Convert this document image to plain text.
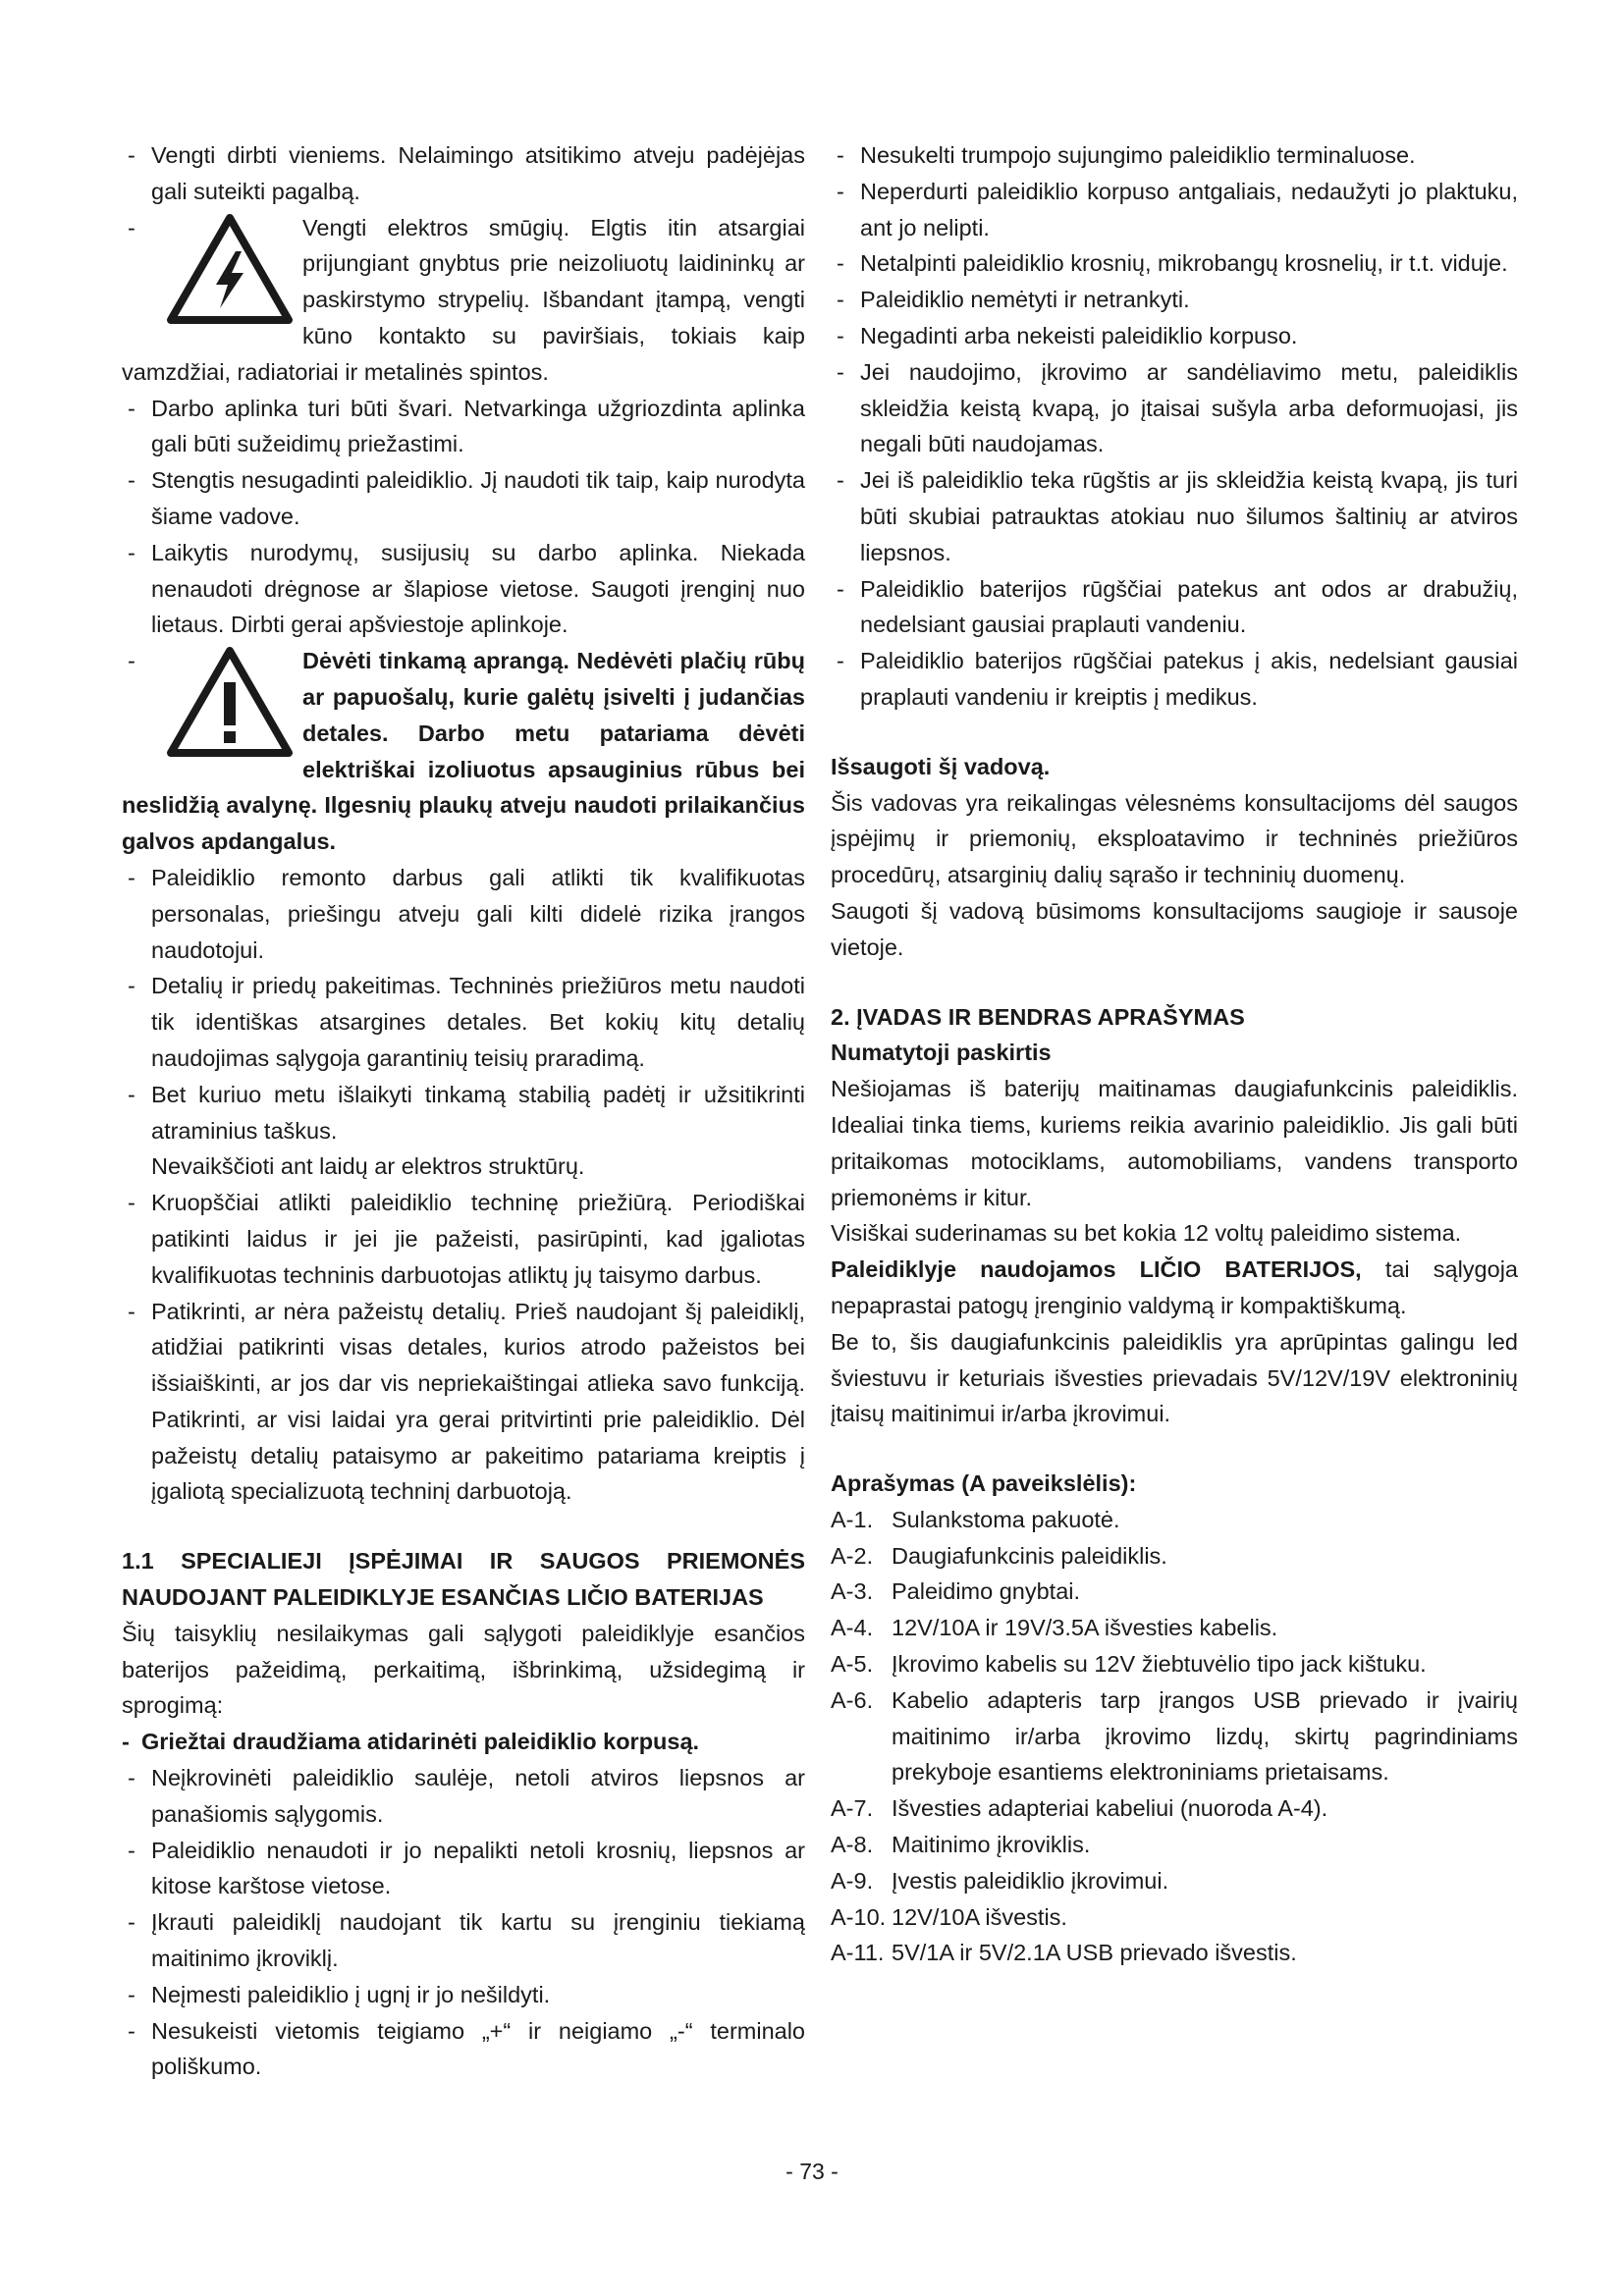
- Vengti dirbti vieniems. Nelaimingo atsitikimo atveju padėjėjas gali suteikti pagalbą.

-	Vengti elektros smūgių. Elgtis itin atsargiai prijungiant gnybtus prie neizoliuotų laidininkų ar paskirstymo strypelių. Išbandant įtampą, vengti kūno kontakto su paviršiais, tokiais kaip vamzdžiai, radiatoriai ir metalinės spintos.

- Darbo aplinka turi būti švari. Netvarkinga užgriozdinta aplinka gali būti sužeidimų priežastimi.

- Stengtis nesugadinti paleidiklio. Jį naudoti tik taip, kaip nurodyta šiame vadove.

- Laikytis nurodymų, susijusių su darbo aplinka. Niekada nenaudoti drėgnose ar šlapiose vietose. Saugoti įrenginį nuo lietaus. Dirbti gerai apšviestoje aplinkoje.

-	Dėvėti tinkamą aprangą. Nedėvėti plačių rūbų ar papuošalų, kurie galėtų įsivelti į judančias detales. Darbo metu patariama dėvėti elektriškai izoliuotus apsauginius rūbus bei neslidžią avalynę. Ilgesnių plaukų atveju naudoti prilaikančius galvos apdangalus.

- Paleidiklio remonto darbus gali atlikti tik kvalifikuotas personalas, priešingu atveju gali kilti didelė rizika įrangos naudotojui.

- Detalių ir priedų pakeitimas. Techninės priežiūros metu naudoti tik identiškas atsargines detales. Bet kokių kitų detalių naudojimas sąlygoja garantinių teisių praradimą.

- Bet kuriuo metu išlaikyti tinkamą stabilią padėtį ir užsitikrinti atraminius taškus.

Nevaikščioti ant laidų ar elektros struktūrų.

- Kruopščiai atlikti paleidiklio techninę priežiūrą. Periodiškai patikinti laidus ir jei jie pažeisti, pasirūpinti, kad įgaliotas kvalifikuotas techninis darbuotojas atliktų jų taisymo darbus.

- Patikrinti, ar nėra pažeistų detalių. Prieš naudojant šį paleidiklį, atidžiai patikrinti visas detales, kurios atrodo pažeistos bei išsiaiškinti, ar jos dar vis nepriekaištingai atlieka savo funkciją. Patikrinti, ar visi laidai yra gerai pritvirtinti prie paleidiklio. Dėl pažeistų detalių pataisymo ar pakeitimo patariama kreiptis į įgaliotą specializuotą techninį darbuotoją.

1.1 SPECIALIEJI ĮSPĖJIMAI IR SAUGOS PRIEMONĖS NAUDOJANT PALEIDIKLYJE ESANČIAS LIČIO BATERIJAS

Šių taisyklių nesilaikymas gali sąlygoti paleidiklyje esančios baterijos pažeidimą, perkaitimą, išbrinkimą, užsidegimą ir sprogimą:

- Griežtai draudžiama atidarinėti paleidiklio korpusą.

- Neįkrovinėti paleidiklio saulėje, netoli atviros liepsnos ar panašiomis sąlygomis.

- Paleidiklio nenaudoti ir jo nepalikti netoli krosnių, liepsnos ar kitose karštose vietose.

- Įkrauti paleidiklį naudojant tik kartu su įrenginiu tiekiamą maitinimo įkroviklį.

- Neįmesti paleidiklio į ugnį ir jo nešildyti.

- Nesukeisti vietomis teigiamo „+“ ir neigiamo „-“ terminalo poliškumo.

- Nesukelti trumpojo sujungimo paleidiklio terminaluose.

- Neperdurti paleidiklio korpuso antgaliais, nedaužyti jo plaktuku, ant jo nelipti.

- Netalpinti paleidiklio krosnių, mikrobangų krosnelių, ir t.t. viduje.

- Paleidiklio nemėtyti ir netrankyti.

- Negadinti arba nekeisti paleidiklio korpuso.

- Jei naudojimo, įkrovimo ar sandėliavimo metu, paleidiklis skleidžia keistą kvapą, jo įtaisai sušyla arba deformuojasi, jis negali būti naudojamas.

- Jei iš paleidiklio teka rūgštis ar jis skleidžia keistą kvapą, jis turi būti skubiai patrauktas atokiau nuo šilumos šaltinių ar atviros liepsnos.

- Paleidiklio baterijos rūgščiai patekus ant odos ar drabužių, nedelsiant gausiai praplauti vandeniu.

- Paleidiklio baterijos rūgščiai patekus į akis, nedelsiant gausiai praplauti vandeniu ir kreiptis į medikus.

Išsaugoti šį vadovą.

Šis vadovas yra reikalingas vėlesnėms konsultacijoms dėl saugos įspėjimų ir priemonių, eksploatavimo ir techninės priežiūros procedūrų, atsarginių dalių sąrašo ir techninių duomenų.

Saugoti šį vadovą būsimoms konsultacijoms saugioje ir sausoje vietoje.

2. ĮVADAS IR BENDRAS APRAŠYMAS

Numatytoji paskirtis

Nešiojamas iš baterijų maitinamas daugiafunkcinis paleidiklis. Idealiai tinka tiems, kuriems reikia avarinio paleidiklio. Jis gali būti pritaikomas motociklams, automobiliams, vandens transporto priemonėms ir kitur.

Visiškai suderinamas su bet kokia 12 voltų paleidimo sistema.

Paleidiklyje naudojamos LIČIO BATERIJOS, tai sąlygoja nepaprastai patogų įrenginio valdymą ir kompaktiškumą.

Be to, šis daugiafunkcinis paleidiklis yra aprūpintas galingu led šviestuvu ir keturiais išvesties prievadais 5V/12V/19V elektroninių įtaisų maitinimui ir/arba įkrovimui.

Aprašymas (A paveikslėlis):

A-1. Sulankstoma pakuotė.

A-2. Daugiafunkcinis paleidiklis.

A-3. Paleidimo gnybtai.

A-4. 12V/10A ir 19V/3.5A išvesties kabelis.

A-5. Įkrovimo kabelis su 12V žiebtuvėlio tipo jack kištuku.

A-6. Kabelio adapteris tarp įrangos USB prievado ir įvairių maitinimo ir/arba įkrovimo lizdų, skirtų pagrindiniams prekyboje esantiems elektroniniams prietaisams.

A-7. Išvesties adapteriai kabeliui (nuoroda A-4).

A-8. Maitinimo įkroviklis.

A-9. Įvestis paleidiklio įkrovimui.

A-10. 12V/10A išvestis.

A-11. 5V/1A ir 5V/2.1A USB prievado išvestis.

- 73 -
